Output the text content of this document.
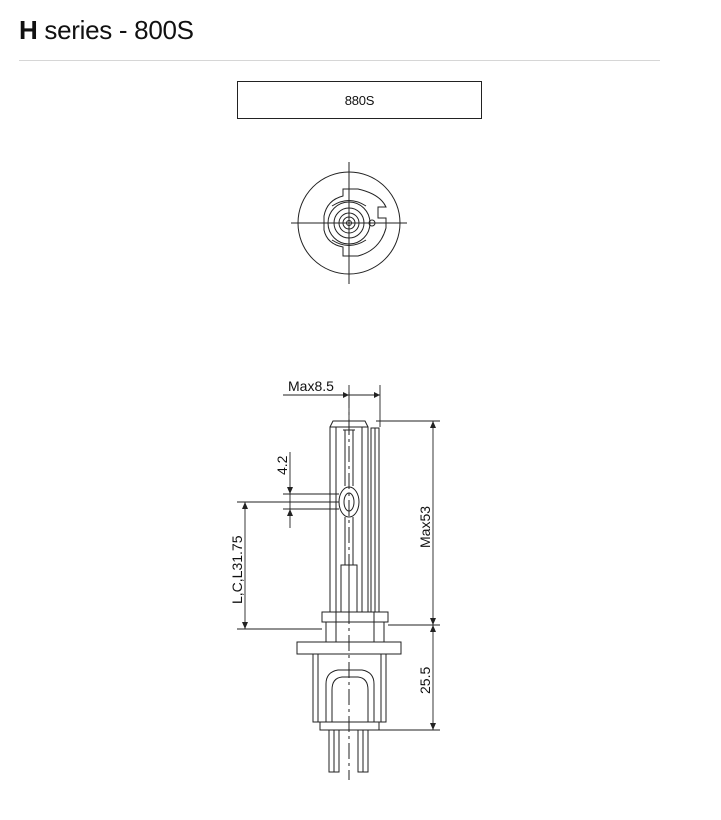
H series - 800S
880S
Max8.5
Max53
25.5
4.2
L,C,L31.75
